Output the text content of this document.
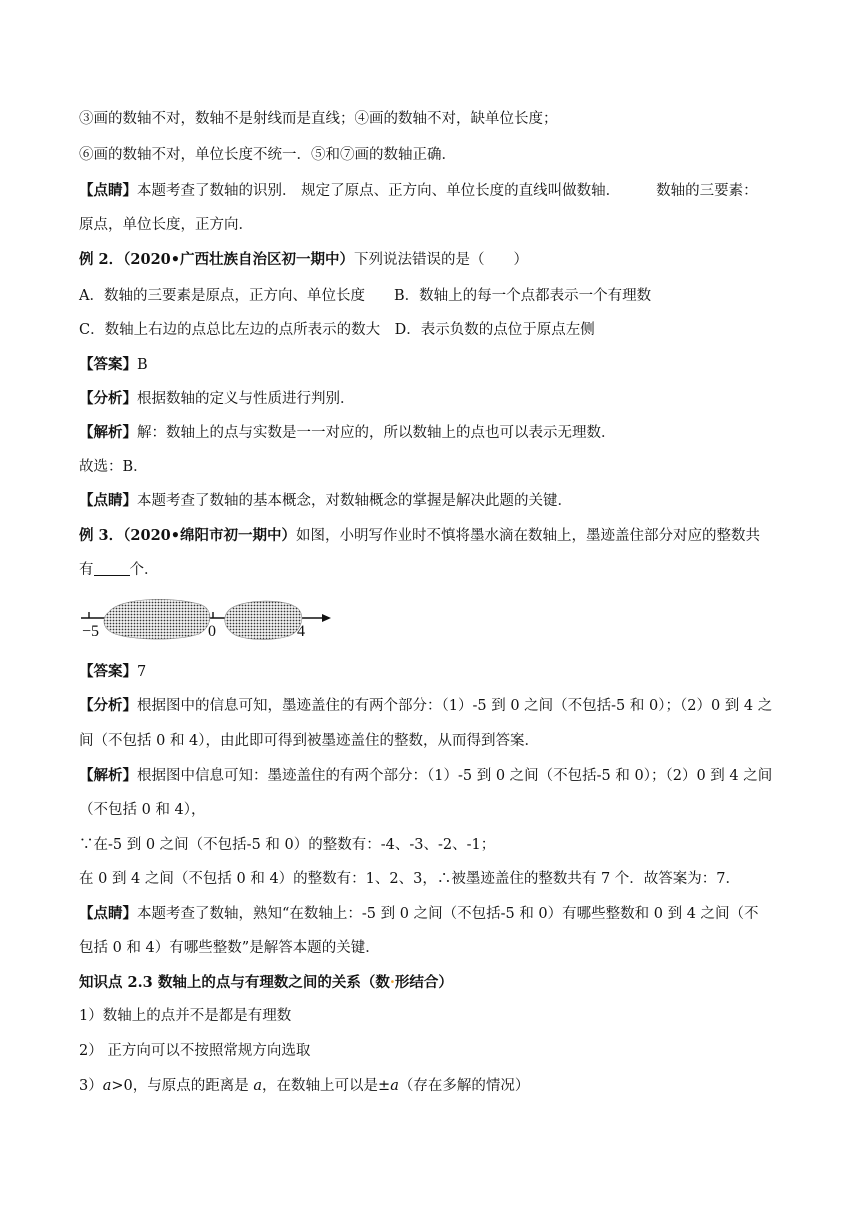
③画的数轴不对，数轴不是射线而是直线；④画的数轴不对，缺单位长度；
⑥画的数轴不对，单位长度不统一．⑤和⑦画的数轴正确．
【点睛】本题考查了数轴的识别． 规定了原点、正方向、单位长度的直线叫做数轴． 数轴的三要素：
原点，单位长度，正方向．
例 2．（2020•广西壮族自治区初一期中）下列说法错误的是（　　）
A．数轴的三要素是原点，正方向、单位长度　　B．数轴上的每一个点都表示一个有理数
C．数轴上右边的点总比左边的点所表示的数大　D．表示负数的点位于原点左侧
【答案】B
【分析】根据数轴的定义与性质进行判别．
【解析】解：数轴上的点与实数是一一对应的，所以数轴上的点也可以表示无理数．
故选：B．
【点睛】本题考查了数轴的基本概念，对数轴概念的掌握是解决此题的关键．
例 3．（2020•绵阳市初一期中）如图，小明写作业时不慎将墨水滴在数轴上，墨迹盖住部分对应的整数共
有 个．
−5	0	4
【答案】7
【分析】根据图中的信息可知，墨迹盖住的有两个部分：（1）-5 到 0 之间（不包括-5 和 0）；（2）0 到 4 之
间（不包括 0 和 4），由此即可得到被墨迹盖住的整数，从而得到答案．
【解析】根据图中信息可知：墨迹盖住的有两个部分：（1）-5 到 0 之间（不包括-5 和 0）；（2）0 到 4 之间
（不包括 0 和 4），
∵在-5 到 0 之间（不包括-5 和 0）的整数有：-4、-3、-2、-1；
在 0 到 4 之间（不包括 0 和 4）的整数有：1、2、3，∴被墨迹盖住的整数共有 7 个．故答案为：7．
【点睛】本题考查了数轴，熟知“在数轴上：-5 到 0 之间（不包括-5 和 0）有哪些整数和 0 到 4 之间（不
包括 0 和 4）有哪些整数”是解答本题的关键．
知识点 2.3 数轴上的点与有理数之间的关系（数·形结合）
1）数轴上的点并不是都是有理数
2） 正方向可以不按照常规方向选取
3）a>0，与原点的距离是 a，在数轴上可以是±a（存在多解的情况）
